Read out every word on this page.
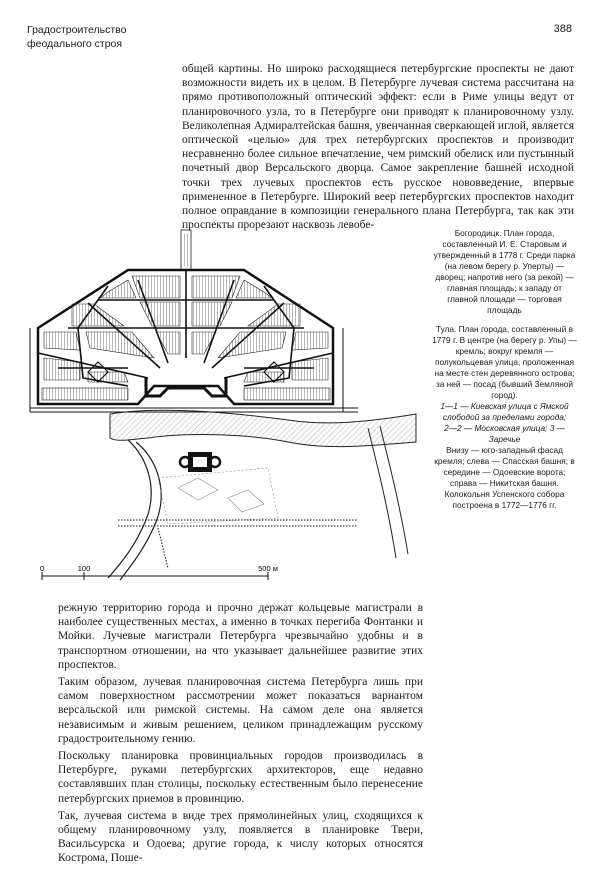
Градостроительство феодального строя
388

общей картины. Но широко расходящиеся петербургские проспекты не дают возможности видеть их в целом. В Петербурге лучевая система рассчитана на прямо противоположный оптический эффект: если в Риме улицы ведут от планировочного узла, то в Петербурге они приводят к планировочному узлу. Великолепная Адмиралтейская башня, увенчанная сверкающей иглой, является оптической «целью» для трех петербургских проспектов и производит несравненно более сильное впечатление, чем римский обелиск или пустынный почетный двор Версальского дворца. Самое закрепление башней исходной точки трех лучевых проспектов есть русское нововведение, впервые примененное в Петербурге. Широкий веер петербургских проспектов находит полное оправдание в композиции генерального плана Петербурга, так как эти проспекты прорезают насквозь левобе-

0	100	500 м

Богородицк. План города, составленный И. Е. Старовым и утвержденный в 1778 г. Среди парка (на левом берегу р. Уперты) — дворец; напротив него (за рекой) — главная площадь; к западу от главной площади — торговая площадь

Тула. План города, составленный в 1779 г. В центре (на берегу р. Упы) — кремль; вокруг кремля — полукольцевая улица, проложенная на месте стен деревянного острова; за ней — посад (бывший Земляной город).

1—1 — Киевская улица с Ямской слободой за пределами города;

2—2 — Московская улица; 3 — Заречье

Внизу — юго-западный фасад кремля; слева — Спасская башня; в середине — Одоевские ворота; справа — Никитская башня. Колокольня Успенского собора построена в 1772—1776 гг.

режную территорию города и прочно держат кольцевые магистрали в наиболее существенных местах, а именно в точках перегиба Фонтанки и Мойки. Лучевые магистрали Петербурга чрезвычайно удобны и в транспортном отношении, на что указывает дальнейшее развитие этих проспектов.

Таким образом, лучевая планировочная система Петербурга лишь при самом поверхностном рассмотрении может показаться вариантом версальской или римской системы. На самом деле она является независимым и живым решением, целиком принадлежащим русскому градостроительному гению.

Поскольку планировка провинциальных городов производилась в Петербурге, руками петербургских архитекторов, еще недавно составлявших план столицы, поскольку естественным было перенесение петербургских приемов в провинцию.

Так, лучевая система в виде трех прямолинейных улиц, сходящихся к общему планировочному узлу, появляется в планировке Твери, Васильсурска и Одоева; другие города, к числу которых относятся Кострома, Поше-
